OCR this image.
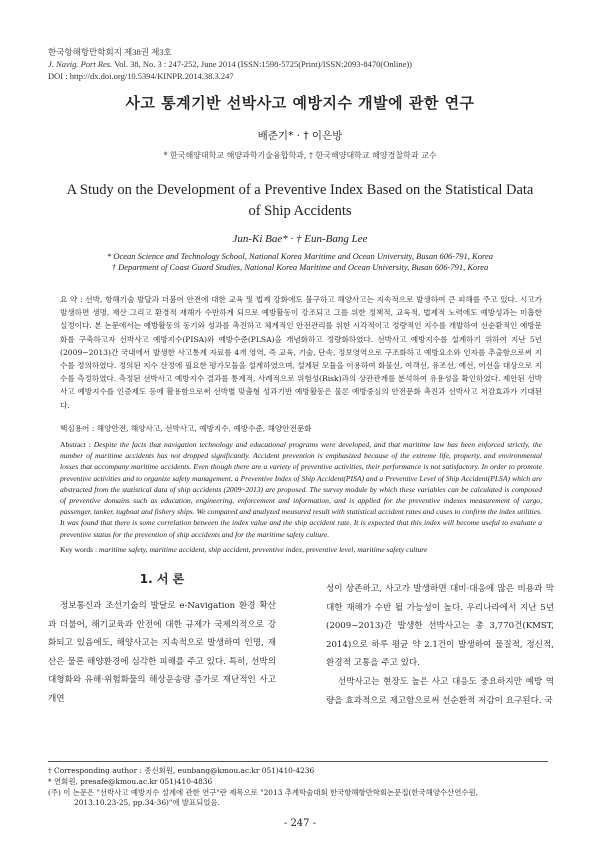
한국항해항만학회지 제38권 제3호
J. Navig. Port Res. Vol. 38, No. 3 : 247-252, June 2014 (ISSN:1598-5725(Print)/ISSN:2093-8470(Online))
DOI : http://dx.doi.org/10.5394/KINPR.2014.38.3.247
사고 통계기반 선박사고 예방지수 개발에 관한 연구
배준기* · † 이은방
* 한국해양대학교 해양과학기술융합학과, † 한국해양대학교 해양경찰학과 교수
A Study on the Development of a Preventive Index Based on the Statistical Data of Ship Accidents
Jun-Ki Bae* · † Eun-Bang Lee
* Ocean Science and Technology School, National Korea Maritime and Ocean University, Busan 606-791, Korea
† Department of Coast Guard Studies, National Korea Maritime and Ocean University, Busan 606-791, Korea
요 약 : 선박, 항해기술 발달과 더불어 안전에 대한 교육 및 법제 강화에도 불구하고 해양사고는 지속적으로 발생하여 큰 피해를 주고 있다. 시고가 발생하면 생명, 재산 그리고 환경적 재해가 수반하게 되므로 예방활동이 강조되고 그를 위한 정책적, 교육적, 법제적 노력에도 예방성과는 미흡한 실정이다. 본 논문에서는 예방활동의 동기와 성과를 촉진하고 체계적인 안전관리를 위한 시각적이고 정량적인 지수를 개발하여 선순환적인 예방문화를 구축하고자 선박사고 예방지수(PISA)와 예방수준(PLSA)을 개념화하고 정량화하였다. 선박사고 예방지수를 설계하기 위하여 지난 5년(2009~2013)간 국내에서 발생한 사고통계 자료를 4개 영역, 즉 교육, 기술, 단속, 정보영역으로 구조화하고 예방요소와 인자를 추출함으로써 지수를 정의하였다. 정의된 지수 산정에 필요한 평가모듈을 설계하였으며, 설계된 모듈을 이용하여 화물선, 여객선, 유조선, 예선, 어선을 대상으로 지수를 측정하였다. 측정된 선박사고 예방지수 결과를 통계적, 사례적으로 위험성(Risk)과의 상관관계를 분석하여 유용성을 확인하였다. 제안된 선박사고 예방지수를 인증제도 등에 활용함으로써 선박별 맞춤형 성과기반 예방활동은 물론 예방중심의 안전문화 촉진과 선박사고 저감효과가 기대된다.
핵심용어 : 해양안전, 해양사고, 선박사고, 예방지수, 예방수준, 해양안전문화
Abstract : Despite the facts that navigation technology and educational programs were developed, and that maritime law has been enforced strictly, the number of maritime accidents has not dropped significantly. Accident prevention is emphasized because of the extreme life, property, and environmental losses that accompany maritime accidents. Even though there are a variety of preventive activities, their performance is not satisfactory. In order to promote preventive activities and to organize safety management, a Preventive Index of Ship Accident(PISA) and a Preventive Level of Ship Accident(PLSA) which are abstracted from the statistical data of ship accidents (2009~2013) are proposed. The survey module by which these variables can be calculated is composed of preventive domains such as education, engineering, enforcement and information, and is applied for the preventive indexes measurement of cargo, passenger, tanker, tugboat and fishery ships. We compared and analyzed measured result with statistical accident rates and cases to confirm the index utilities. It was found that there is some correlation between the index value and the ship accident rate. It is expected that this index will become useful to evaluate a preventive status for the prevention of ship accidents and for the maritime safety culture.
Key words : maritime safety, maritime accident, ship accident, preventive index, preventive level, maritime safety culture
1. 서 론

정보통신과 조선기술의 발달로 e-Navigation 환경 확산과 더불어, 해기교육과 안전에 대한 규제가 국제의적으로 강화되고 있음에도, 해양사고는 지속적으로 발생하여 인명, 재산은 물론 해양환경에 심각한 피해를 주고 있다. 특히, 선박의 대형화와 유해·위험화물의 해상운송량 증가로 재난적인 사고 개연

성이 상존하고, 사고가 발생하면 대비·대응에 많은 비용과 막대한 재해가 수반 될 가능성이 높다. 우리나라에서 지난 5년(2009~2013)간 발생한 선박사고는 총 3,770건(KMST, 2014)으로 하루 평균 약 2.1건이 발생하여 물질적, 정신적, 환경적 고통을 주고 있다.

선박사고는 현장도 높은 사고 대응도 중요하지만 예방 역량을 효과적으로 제고함으로써 선순환적 저감이 요구된다. 국

† Corresponding author : 종신회원, eunbang@kmou.ac.kr 051)410-4236
* 연회원, presafe@kmou.ac.kr 051)410-4836
(주) 이 논문은 "선박사고 예방지수 설계에 관한 연구"란 제목으로 "2013 추계학술대회 한국항해항만학회논문집(한국해양수산연수원,
2013.10.23-25, pp.34-36)"에 발표되었음.
- 247 -
